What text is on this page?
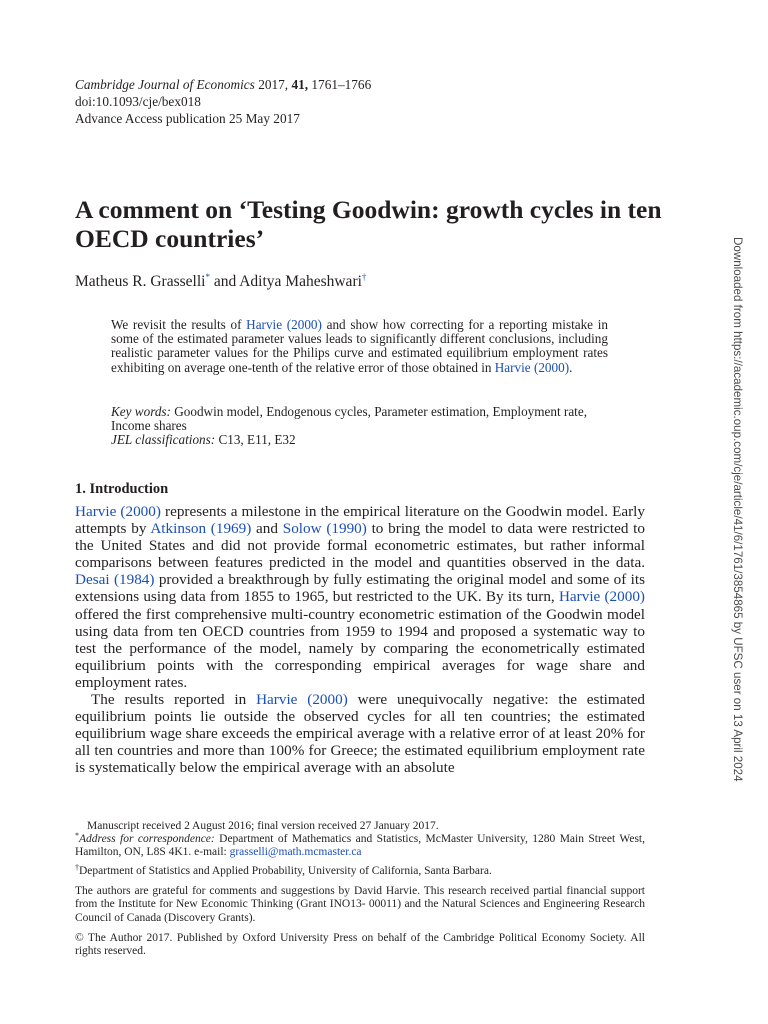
Cambridge Journal of Economics 2017, 41, 1761–1766
doi:10.1093/cje/bex018
Advance Access publication 25 May 2017
A comment on ‘Testing Goodwin: growth cycles in ten OECD countries’
Matheus R. Grasselli* and Aditya Maheshwari†
We revisit the results of Harvie (2000) and show how correcting for a reporting mistake in some of the estimated parameter values leads to significantly different conclusions, including realistic parameter values for the Philips curve and estimated equilibrium employment rates exhibiting on average one-tenth of the relative error of those obtained in Harvie (2000).
Key words: Goodwin model, Endogenous cycles, Parameter estimation, Employment rate, Income shares
JEL classifications: C13, E11, E32
1. Introduction

Harvie (2000) represents a milestone in the empirical literature on the Goodwin model. Early attempts by Atkinson (1969) and Solow (1990) to bring the model to data were restricted to the United States and did not provide formal econometric estimates, but rather informal comparisons between features predicted in the model and quantities observed in the data. Desai (1984) provided a breakthrough by fully estimating the original model and some of its extensions using data from 1855 to 1965, but restricted to the UK. By its turn, Harvie (2000) offered the first comprehensive multi-country econometric estimation of the Goodwin model using data from ten OECD countries from 1959 to 1994 and proposed a systematic way to test the performance of the model, namely by comparing the econometrically estimated equilibrium points with the corresponding empirical averages for wage share and employment rates.

The results reported in Harvie (2000) were unequivocally negative: the estimated equilibrium points lie outside the observed cycles for all ten countries; the estimated equilibrium wage share exceeds the empirical average with a relative error of at least 20% for all ten countries and more than 100% for Greece; the estimated equilibrium employment rate is systematically below the empirical average with an absolute

Manuscript received 2 August 2016; final version received 27 January 2017.

*Address for correspondence: Department of Mathematics and Statistics, McMaster University, 1280 Main Street West, Hamilton, ON, L8S 4K1. e-mail: grasselli@math.mcmaster.ca

†Department of Statistics and Applied Probability, University of California, Santa Barbara.

The authors are grateful for comments and suggestions by David Harvie. This research received partial financial support from the Institute for New Economic Thinking (Grant INO13- 00011) and the Natural Sciences and Engineering Research Council of Canada (Discovery Grants).

© The Author 2017. Published by Oxford University Press on behalf of the Cambridge Political Economy Society. All rights reserved.

Downloaded from https://academic.oup.com/cje/article/41/6/1761/3854865 by UFSC user on 13 April 2024
